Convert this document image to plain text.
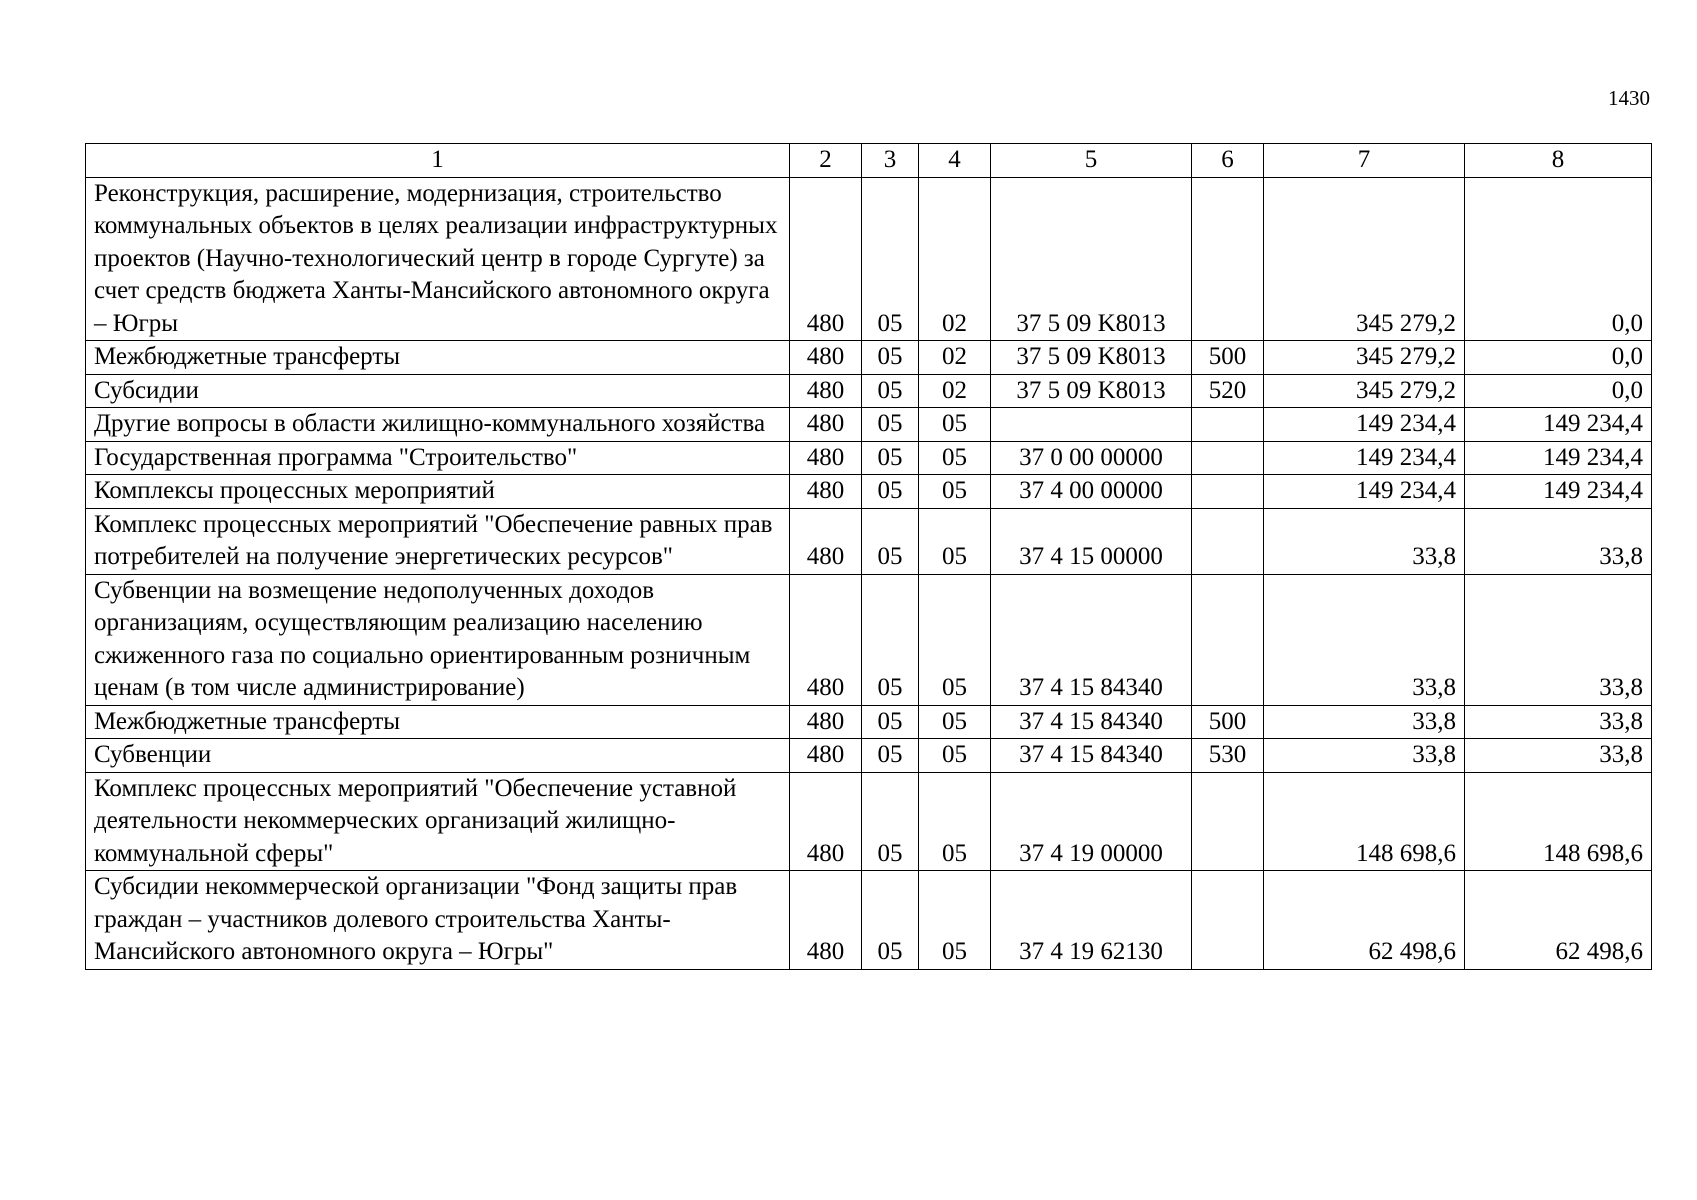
1430
1	2	3	4	5	6	7	8
Реконструкция, расширение, модернизация, строительство коммунальных объектов в целях реализации инфраструктурных проектов (Научно-технологический центр в городе Сургуте) за счет средств бюджета Ханты-Мансийского автономного округа – Югры	480	05	02	37 5 09 K8013		345 279,2	0,0
Межбюджетные трансферты	480	05	02	37 5 09 K8013	500	345 279,2	0,0
Субсидии	480	05	02	37 5 09 K8013	520	345 279,2	0,0
Другие вопросы в области жилищно-коммунального хозяйства	480	05	05			149 234,4	149 234,4
Государственная программа "Строительство"	480	05	05	37 0 00 00000		149 234,4	149 234,4
Комплексы процессных мероприятий	480	05	05	37 4 00 00000		149 234,4	149 234,4
Комплекс процессных мероприятий "Обеспечение равных прав потребителей на получение энергетических ресурсов"	480	05	05	37 4 15 00000		33,8	33,8
Субвенции на возмещение недополученных доходов организациям, осуществляющим реализацию населению сжиженного газа по социально ориентированным розничным ценам (в том числе администрирование)	480	05	05	37 4 15 84340		33,8	33,8
Межбюджетные трансферты	480	05	05	37 4 15 84340	500	33,8	33,8
Субвенции	480	05	05	37 4 15 84340	530	33,8	33,8
Комплекс процессных мероприятий "Обеспечение уставной деятельности некоммерческих организаций жилищно-коммунальной сферы"	480	05	05	37 4 19 00000		148 698,6	148 698,6
Субсидии некоммерческой организации "Фонд защиты прав граждан – участников долевого строительства Ханты-Мансийского автономного округа – Югры"	480	05	05	37 4 19 62130		62 498,6	62 498,6
